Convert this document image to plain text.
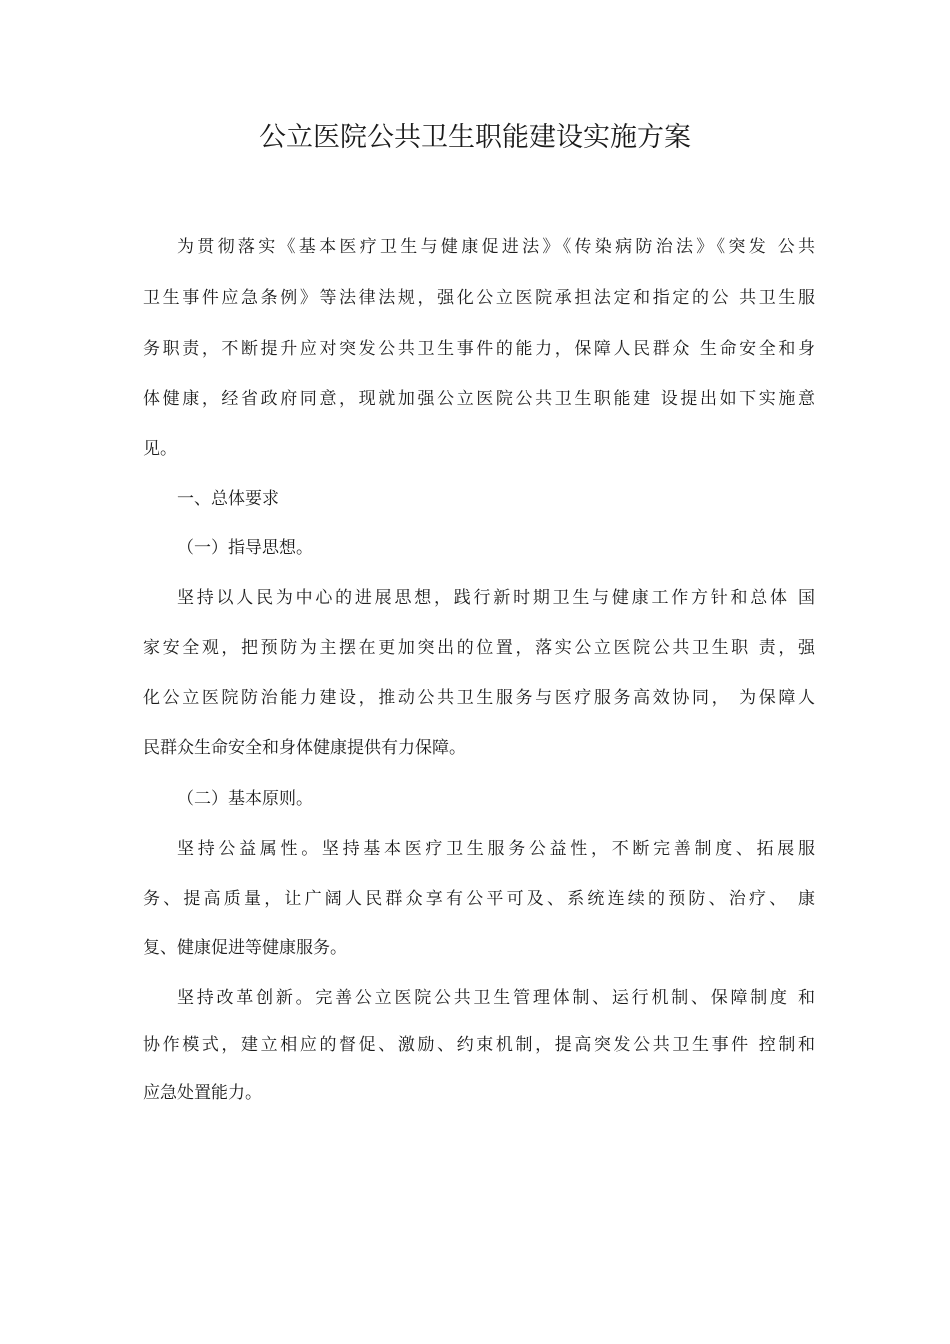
公立医院公共卫生职能建设实施方案
为贯彻落实《基本医疗卫生与健康促进法》《传染病防治法》《突发 公共
卫生事件应急条例》等法律法规，强化公立医院承担法定和指定的公 共卫生服
务职责，不断提升应对突发公共卫生事件的能力，保障人民群众 生命安全和身
体健康，经省政府同意，现就加强公立医院公共卫生职能建 设提出如下实施意
见。
一、总体要求
（一）指导思想。
坚持以人民为中心的进展思想，践行新时期卫生与健康工作方针和总体 国
家安全观，把预防为主摆在更加突出的位置，落实公立医院公共卫生职 责，强
化公立医院防治能力建设，推动公共卫生服务与医疗服务高效协同， 为保障人
民群众生命安全和身体健康提供有力保障。
（二）基本原则。
坚持公益属性。坚持基本医疗卫生服务公益性，不断完善制度、拓展服
务、提高质量，让广阔人民群众享有公平可及、系统连续的预防、治疗、 康
复、健康促进等健康服务。
坚持改革创新。完善公立医院公共卫生管理体制、运行机制、保障制度 和
协作模式，建立相应的督促、激励、约束机制，提高突发公共卫生事件 控制和
应急处置能力。
